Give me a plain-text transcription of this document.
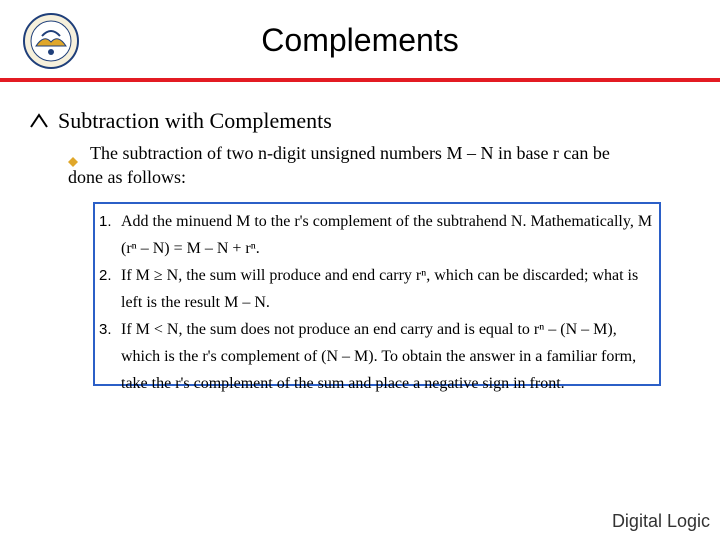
Complements
Subtraction with Complements
The subtraction of two n-digit unsigned numbers M – N in base r can be
done as follows:
1. Add the minuend M to the r's complement of the subtrahend N. Mathematically, M
(rⁿ – N) = M – N + rⁿ.
2. If M ≥ N, the sum will produce and end carry rⁿ, which can be discarded; what is
left is the result M – N.
3. If M < N, the sum does not produce an end carry and is equal to rⁿ – (N – M),
which is the r's complement of (N – M). To obtain the answer in a familiar form,
take the r's complement of the sum and place a negative sign in front.
Digital Logic
